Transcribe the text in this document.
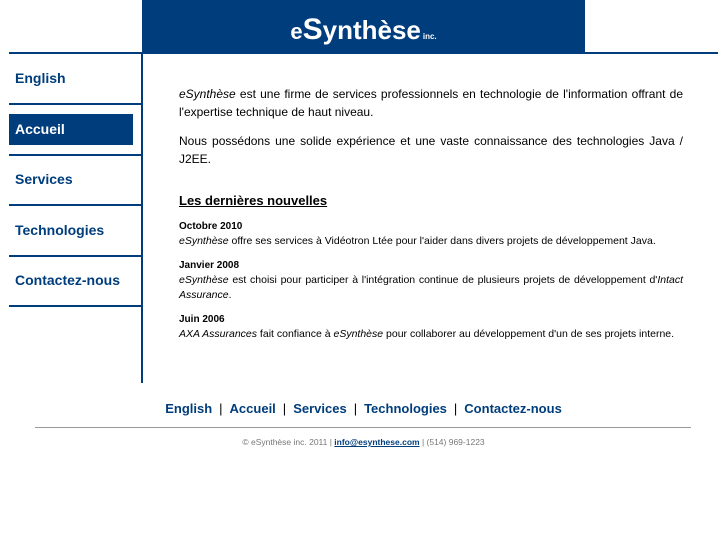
eSynthèse inc.
English
Accueil
Services
Technologies
Contactez-nous
eSynthèse est une firme de services professionnels en technologie de l'information offrant de l'expertise technique de haut niveau.
Nous possédons une solide expérience et une vaste connaissance des technologies Java / J2EE.
Les dernières nouvelles
Octobre 2010
eSynthèse offre ses services à Vidéotron Ltée pour l'aider dans divers projets de développement Java.
Janvier 2008
eSynthèse est choisi pour participer à l'intégration continue de plusieurs projets de développement d'Intact Assurance.
Juin 2006
AXA Assurances fait confiance à eSynthèse pour collaborer au développement d'un de ses projets interne.
English | Accueil | Services | Technologies | Contactez-nous
© eSynthèse inc. 2011 | info@esynthese.com | (514) 969-1223
